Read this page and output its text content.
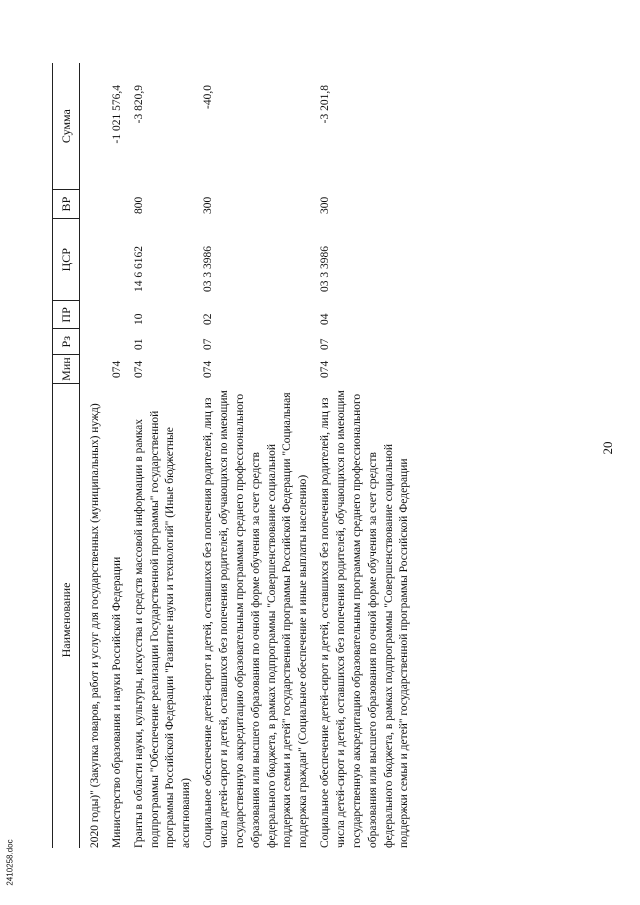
20
Наименование
Мин
Рз
ПР
ЦСР
ВР
Сумма
2020 годы)" (Закупка товаров, работ и услуг для государственных (муниципальных) нужд) Министерство образования и науки Российской Федерации
074
-1 021 576,4
Гранты в области науки, культуры, искусства и средств массовой информации в рамках подпрограммы "Обеспечение реализации Государственной программы" государственной программы Российской Федерации "Развитие науки и технологий" (Иные бюджетные ассигнования)
074
01
10
14 6 6162
800
-3 820,9
Социальное обеспечение детей-сирот и детей, оставшихся без попечения родителей, лиц из числа детей-сирот и детей, оставшихся без попечения родителей, обучающихся по имеющим государственную аккредитацию образовательным программам среднего профессионального образования или высшего образования по очной форме обучения за счет средств федерального бюджета, в рамках подпрограммы "Совершенствование социальной поддержки семьи и детей" государственной программы Российской Федерации "Социальная поддержка граждан" (Социальное обеспечение и иные выплаты населению)
074
07
02
03 3 3986
300
-40,0
Социальное обеспечение детей-сирот и детей, оставшихся без попечения родителей, лиц из числа детей-сирот и детей, оставшихся без попечения родителей, обучающихся по имеющим государственную аккредитацию образовательным программам среднего профессионального образования или высшего образования по очной форме обучения за счет средств федерального бюджета, в рамках подпрограммы "Совершенствование социальной поддержки семьи и детей" государственной программы Российской Федерации
074
07
04
03 3 3986
300
-3 201,8
2410258.doc
